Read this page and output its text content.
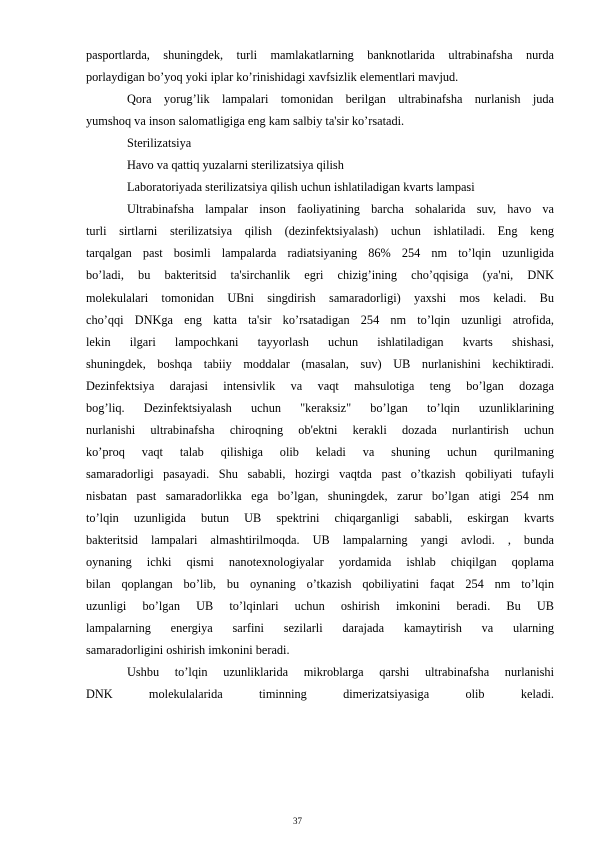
pasportlarda, shuningdek, turli mamlakatlarning banknotlarida ultrabinafsha nurda
porlaydigan bo’yoq yoki iplar ko’rinishidagi xavfsizlik elementlari mavjud.
Qora yorug’lik lampalari tomonidan berilgan ultrabinafsha nurlanish juda
yumshoq va inson salomatligiga eng kam salbiy ta'sir ko’rsatadi.
Sterilizatsiya
Havo va qattiq yuzalarni sterilizatsiya qilish
Laboratoriyada sterilizatsiya qilish uchun ishlatiladigan kvarts lampasi
Ultrabinafsha lampalar inson faoliyatining barcha sohalarida suv, havo va
turli sirtlarni sterilizatsiya qilish (dezinfektsiyalash) uchun ishlatiladi. Eng keng
tarqalgan past bosimli lampalarda radiatsiyaning 86% 254 nm to’lqin uzunligida
bo’ladi, bu bakteritsid ta'sirchanlik egri chizig’ining cho’qqisiga (ya'ni, DNK
molekulalari tomonidan UBni singdirish samaradorligi) yaxshi mos keladi. Bu
cho’qqi DNKga eng katta ta'sir ko’rsatadigan 254 nm to’lqin uzunligi atrofida,
lekin ilgari lampochkani tayyorlash uchun ishlatiladigan kvarts shishasi,
shuningdek, boshqa tabiiy moddalar (masalan, suv) UB nurlanishini kechiktiradi.
Dezinfektsiya darajasi intensivlik va vaqt mahsulotiga teng bo’lgan dozaga
bog’liq. Dezinfektsiyalash uchun "keraksiz" bo’lgan to’lqin uzunliklarining
nurlanishi ultrabinafsha chiroqning ob'ektni kerakli dozada nurlantirish uchun
ko’proq vaqt talab qilishiga olib keladi va shuning uchun qurilmaning
samaradorligi pasayadi. Shu sababli, hozirgi vaqtda past o’tkazish qobiliyati tufayli
nisbatan past samaradorlikka ega bo’lgan, shuningdek, zarur bo’lgan atigi 254 nm
to’lqin uzunligida butun UB spektrini chiqarganligi sababli, eskirgan kvarts
bakteritsid lampalari almashtirilmoqda. UB lampalarning yangi avlodi. , bunda
oynaning ichki qismi nanotexnologiyalar yordamida ishlab chiqilgan qoplama
bilan qoplangan bo’lib, bu oynaning o’tkazish qobiliyatini faqat 254 nm to’lqin
uzunligi bo’lgan UB to’lqinlari uchun oshirish imkonini beradi. Bu UB
lampalarning energiya sarfini sezilarli darajada kamaytirish va ularning
samaradorligini oshirish imkonini beradi.
Ushbu to’lqin uzunliklarida mikroblarga qarshi ultrabinafsha nurlanishi
DNK molekulalarida timinning dimerizatsiyasiga olib keladi.
37
